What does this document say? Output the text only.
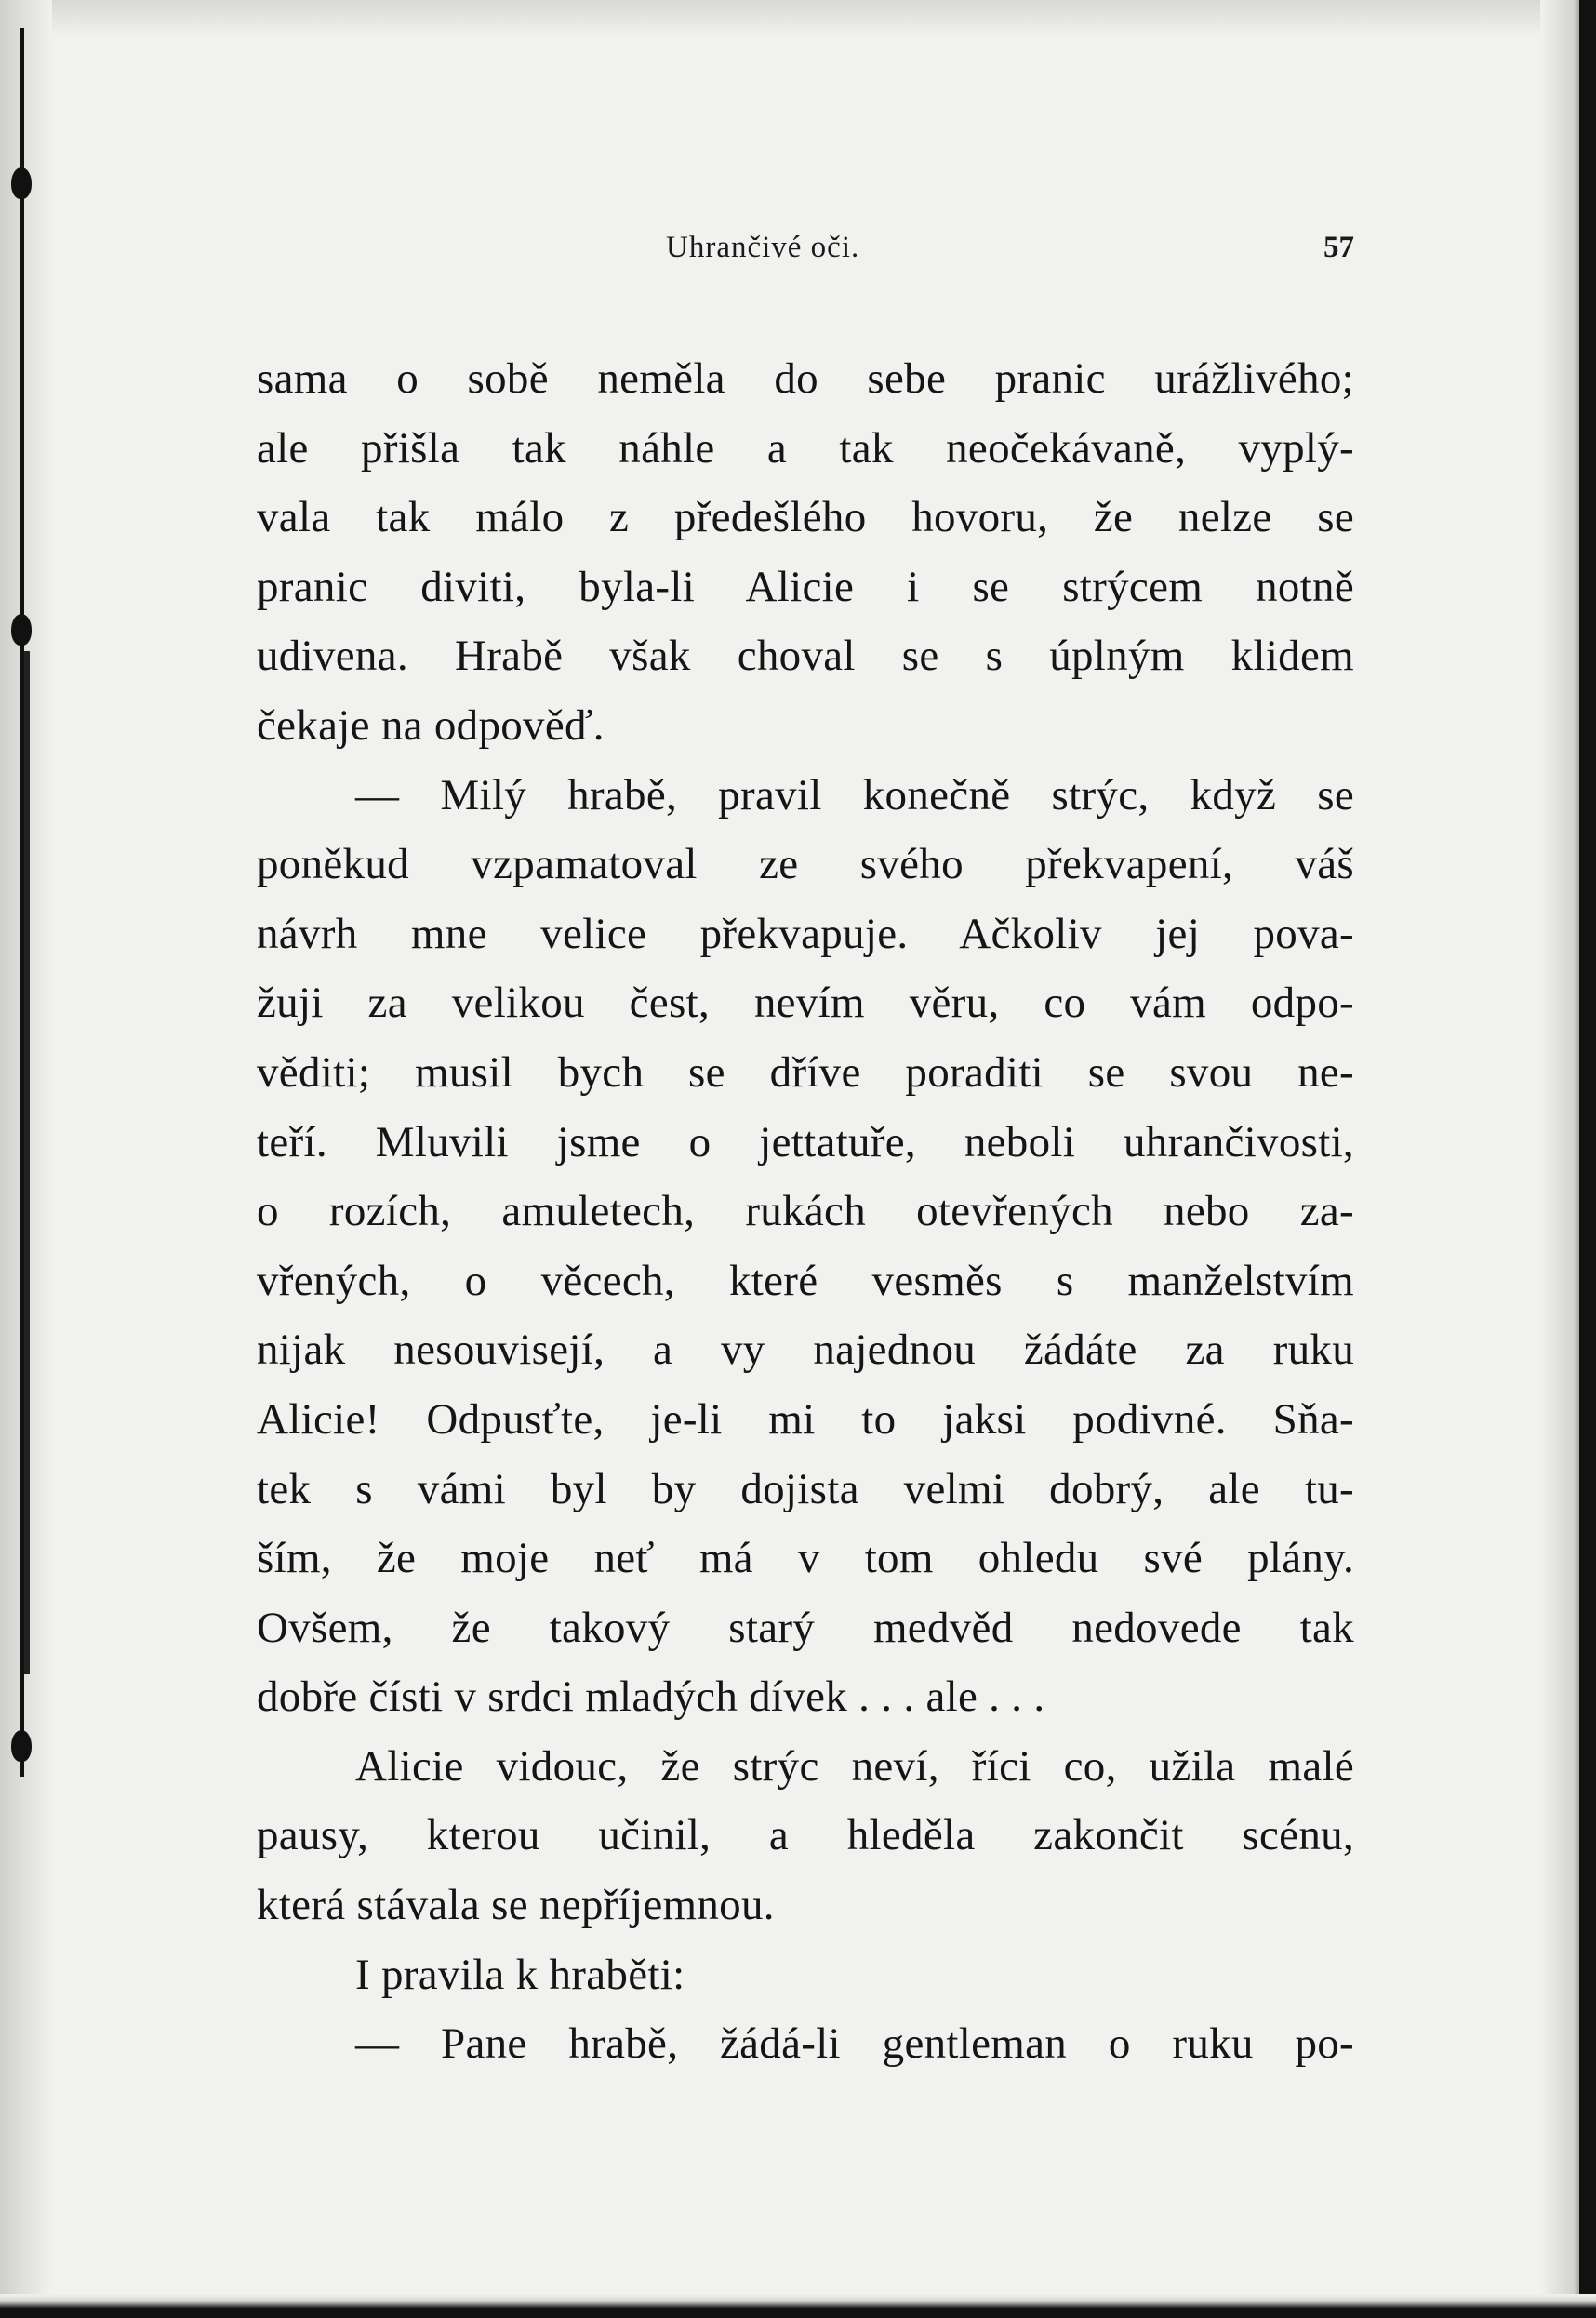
Uhrančivé oči.	57
sama o sobě neměla do sebe pranic urážlivého;
ale přišla tak náhle a tak neočekávaně, vyplý-
vala tak málo z předešlého hovoru, že nelze se
pranic diviti, byla-li Alicie i se strýcem notně
udivena. Hrabě však choval se s úplným klidem
čekaje na odpověď.
— Milý hrabě, pravil konečně strýc, když se
poněkud vzpamatoval ze svého překvapení, váš
návrh mne velice překvapuje. Ačkoliv jej pova-
žuji za velikou čest, nevím věru, co vám odpo-
věditi; musil bych se dříve poraditi se svou ne-
teří. Mluvili jsme o jettatuře, neboli uhrančivosti,
o rozích, amuletech, rukách otevřených nebo za-
vřených, o věcech, které vesměs s manželstvím
nijak nesouvisejí, a vy najednou žádáte za ruku
Alicie! Odpusťte, je-li mi to jaksi podivné. Sňa-
tek s vámi byl by dojista velmi dobrý, ale tu-
ším, že moje neť má v tom ohledu své plány.
Ovšem, že takový starý medvěd nedovede tak
dobře čísti v srdci mladých dívek . . . ale . . .
Alicie vidouc, že strýc neví, říci co, užila malé
pausy, kterou učinil, a hleděla zakončit scénu,
která stávala se nepříjemnou.
I pravila k hraběti:
— Pane hrabě, žádá-li gentleman o ruku po-
